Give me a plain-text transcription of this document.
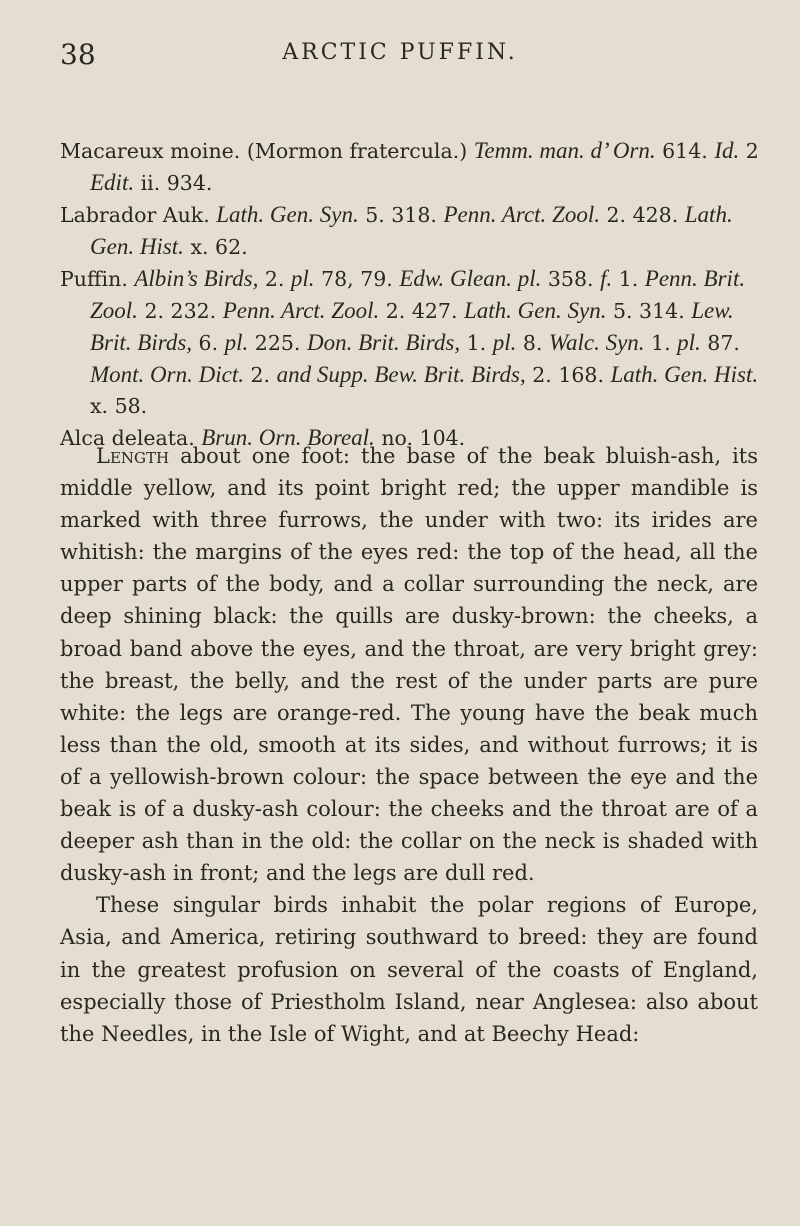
38	ARCTIC PUFFIN.

Macareux moine. (Mormon fratercula.) Temm. man. d’ Orn. 614. Id. 2 Edit. ii. 934.

Labrador Auk. Lath. Gen. Syn. 5. 318. Penn. Arct. Zool. 2. 428. Lath. Gen. Hist. x. 62.

Puffin. Albin’s Birds, 2. pl. 78, 79. Edw. Glean. pl. 358. f. 1. Penn. Brit. Zool. 2. 232. Penn. Arct. Zool. 2. 427. Lath. Gen. Syn. 5. 314. Lew. Brit. Birds, 6. pl. 225. Don. Brit. Birds, 1. pl. 8. Walc. Syn. 1. pl. 87. Mont. Orn. Dict. 2. and Supp. Bew. Brit. Birds, 2. 168. Lath. Gen. Hist. x. 58.

Alca deleata. Brun. Orn. Boreal. no. 104.

Length about one foot: the base of the beak bluish-ash, its middle yellow, and its point bright red; the upper mandible is marked with three furrows, the under with two: its irides are whitish: the margins of the eyes red: the top of the head, all the upper parts of the body, and a collar surrounding the neck, are deep shining black: the quills are dusky-brown: the cheeks, a broad band above the eyes, and the throat, are very bright grey: the breast, the belly, and the rest of the under parts are pure white: the legs are orange-red. The young have the beak much less than the old, smooth at its sides, and without furrows; it is of a yellowish-brown colour: the space between the eye and the beak is of a dusky-ash colour: the cheeks and the throat are of a deeper ash than in the old: the collar on the neck is shaded with dusky-ash in front; and the legs are dull red.

These singular birds inhabit the polar regions of Europe, Asia, and America, retiring southward to breed: they are found in the greatest profusion on several of the coasts of England, especially those of Priestholm Island, near Anglesea: also about the Needles, in the Isle of Wight, and at Beechy Head:
